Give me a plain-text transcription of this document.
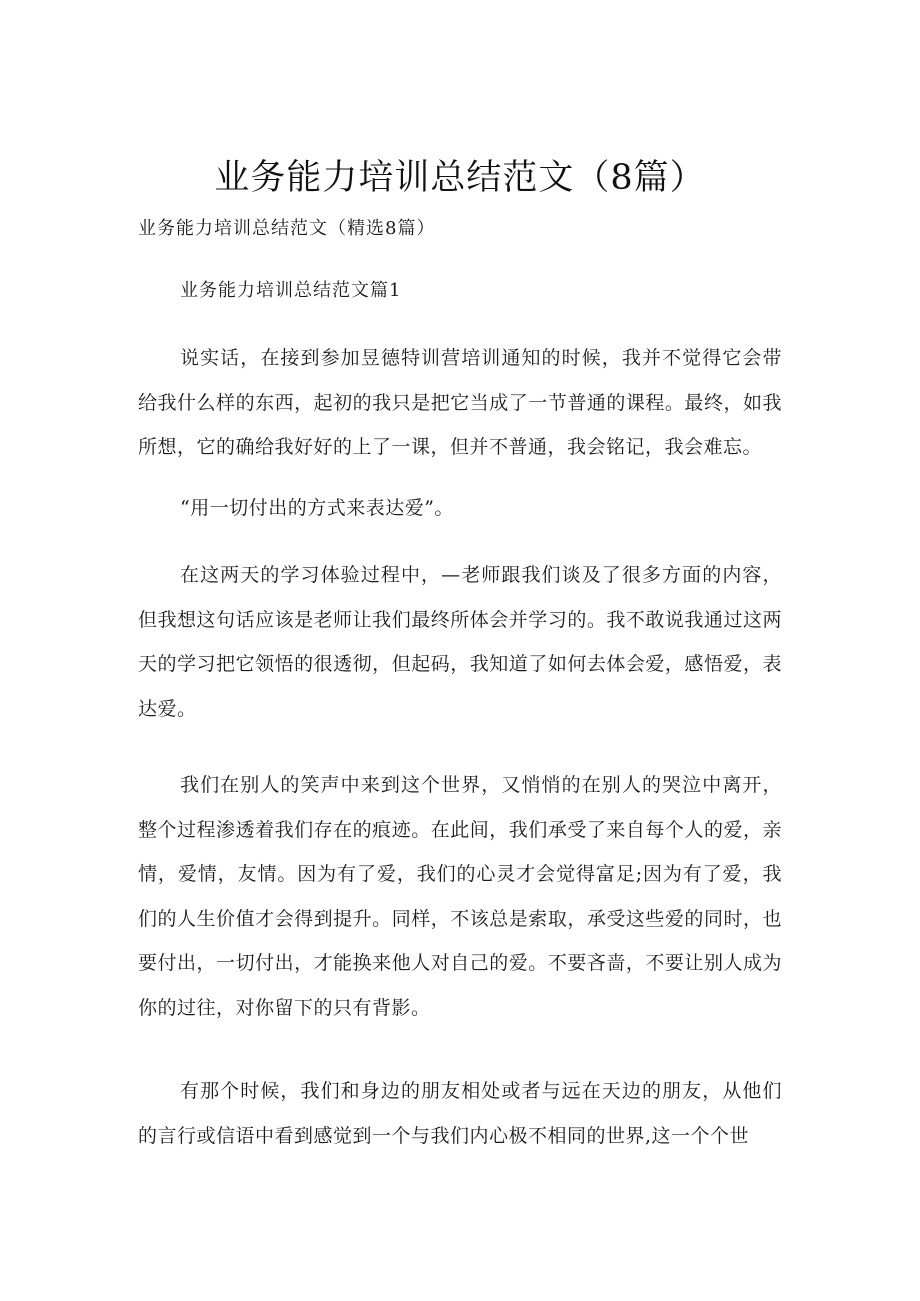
业务能力培训总结范文（8篇）
业务能力培训总结范文（精选8篇）
业务能力培训总结范文篇1

说实话，在接到参加昱德特训营培训通知的时候，我并不觉得它会带给我什么样的东西，起初的我只是把它当成了一节普通的课程。最终，如我所想，它的确给我好好的上了一课，但并不普通，我会铭记，我会难忘。

“用一切付出的方式来表达爱”。

在这两天的学习体验过程中，—老师跟我们谈及了很多方面的内容，但我想这句话应该是老师让我们最终所体会并学习的。我不敢说我通过这两天的学习把它领悟的很透彻，但起码，我知道了如何去体会爱，感悟爱，表达爱。

我们在别人的笑声中来到这个世界，又悄悄的在别人的哭泣中离开，整个过程渗透着我们存在的痕迹。在此间，我们承受了来自每个人的爱，亲情，爱情，友情。因为有了爱，我们的心灵才会觉得富足;因为有了爱，我们的人生价值才会得到提升。同样，不该总是索取，承受这些爱的同时，也要付出，一切付出，才能换来他人对自己的爱。不要吝啬，不要让别人成为你的过往，对你留下的只有背影。

有那个时候，我们和身边的朋友相处或者与远在天边的朋友，从他们的言行或信语中看到感觉到一个与我们内心极不相同的世界,这一个个世
